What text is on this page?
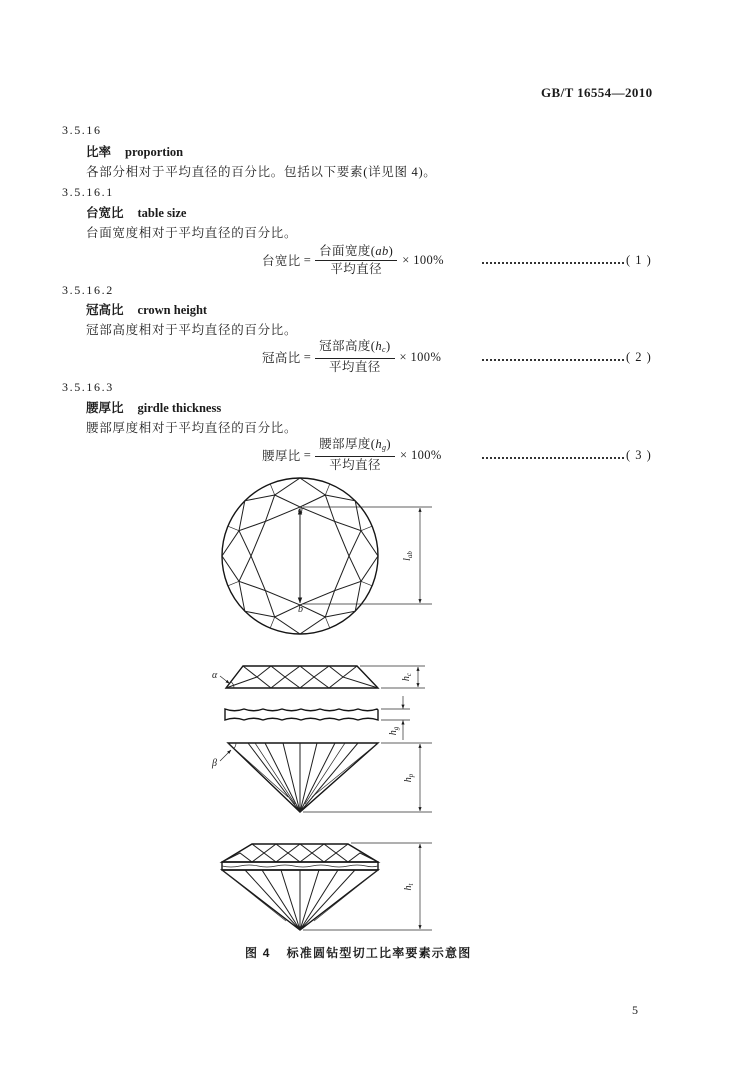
GB/T 16554—2010
3.5.16
比率 proportion
各部分相对于平均直径的百分比。包括以下要素(详见图 4)。
3.5.16.1
台宽比 table size
台面宽度相对于平均直径的百分比。
台宽比 = $\frac{\text{台面宽度(ab)}}{\text{平均直径}} \times 100\%$	( 1 )
3.5.16.2
冠高比 crown height
冠部高度相对于平均直径的百分比。
冠高比 = $\frac{冠部高度(h_c)}{\text{平均直径}} \times 100\%$	( 2 )
3.5.16.3
腰厚比 girdle thickness
腰部厚度相对于平均直径的百分比。
腰厚比 = $\frac{腰部厚度(h_g)}{\text{平均直径}} \times 100\%$	( 3 )
a
b
$l_{ab}$
α	$h_c$
$h_g$
β
$h_p$
$h_t$
图 4 标准圆钻型切工比率要素示意图
5
